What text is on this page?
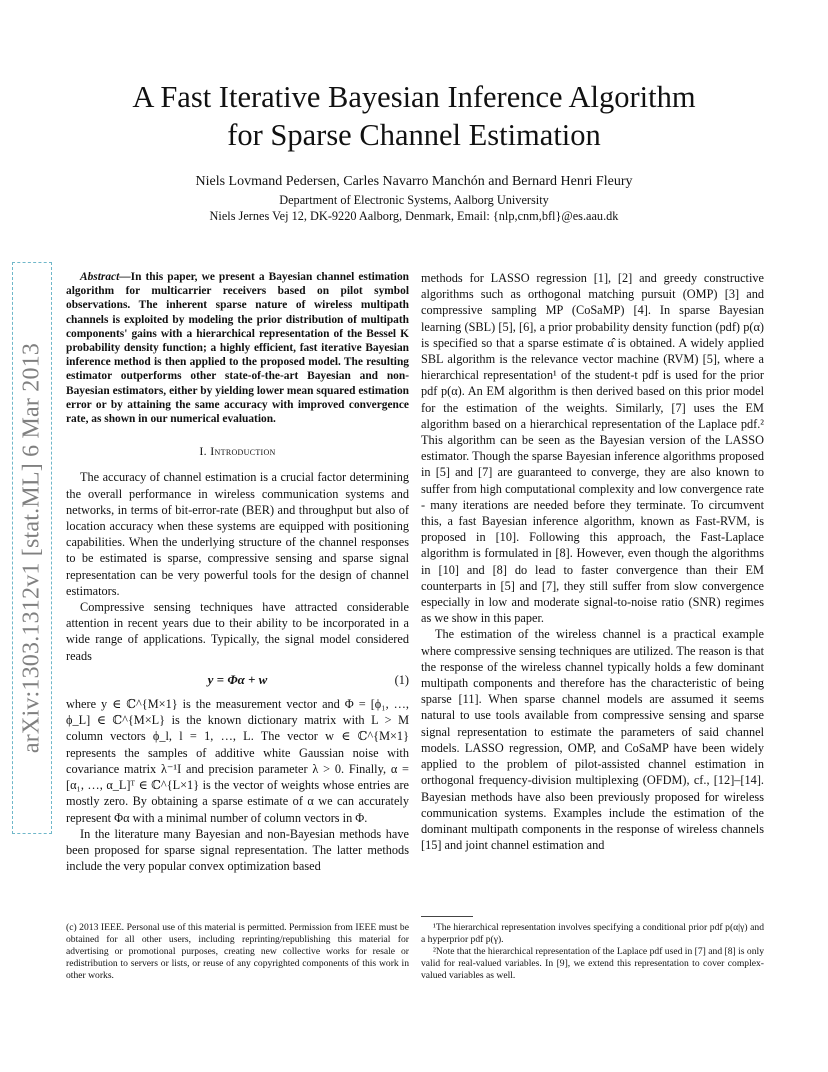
A Fast Iterative Bayesian Inference Algorithm
for Sparse Channel Estimation
Niels Lovmand Pedersen, Carles Navarro Manchón and Bernard Henri Fleury
Department of Electronic Systems, Aalborg University
Niels Jernes Vej 12, DK-9220 Aalborg, Denmark, Email: {nlp,cnm,bfl}@es.aau.dk
arXiv:1303.1312v1 [stat.ML] 6 Mar 2013

Abstract—In this paper, we present a Bayesian channel estimation algorithm for multicarrier receivers based on pilot symbol observations. The inherent sparse nature of wireless multipath channels is exploited by modeling the prior distribution of multipath components' gains with a hierarchical representation of the Bessel K probability density function; a highly efficient, fast iterative Bayesian inference method is then applied to the proposed model. The resulting estimator outperforms other state-of-the-art Bayesian and non-Bayesian estimators, either by yielding lower mean squared estimation error or by attaining the same accuracy with improved convergence rate, as shown in our numerical evaluation.

I. Introduction

The accuracy of channel estimation is a crucial factor determining the overall performance in wireless communication systems and networks, in terms of bit-error-rate (BER) and throughput but also of location accuracy when these systems are equipped with positioning capabilities. When the underlying structure of the channel responses to be estimated is sparse, compressive sensing and sparse signal representation can be very powerful tools for the design of channel estimators.

Compressive sensing techniques have attracted considerable attention in recent years due to their ability to be incorporated in a wide range of applications. Typically, the signal model considered reads

y = Φα + w	(1)

where y ∈ ℂ^{M×1} is the measurement vector and Φ = [ϕ₁, …, ϕ_L] ∈ ℂ^{M×L} is the known dictionary matrix with L > M column vectors ϕ_l, l = 1, …, L. The vector w ∈ ℂ^{M×1} represents the samples of additive white Gaussian noise with covariance matrix λ⁻¹I and precision parameter λ > 0. Finally, α = [α₁, …, α_L]ᵀ ∈ ℂ^{L×1} is the vector of weights whose entries are mostly zero. By obtaining a sparse estimate of α we can accurately represent Φα with a minimal number of column vectors in Φ.

In the literature many Bayesian and non-Bayesian methods have been proposed for sparse signal representation. The latter methods include the very popular convex optimization based

methods for LASSO regression [1], [2] and greedy constructive algorithms such as orthogonal matching pursuit (OMP) [3] and compressive sampling MP (CoSaMP) [4]. In sparse Bayesian learning (SBL) [5], [6], a prior probability density function (pdf) p(α) is specified so that a sparse estimate α̂ is obtained. A widely applied SBL algorithm is the relevance vector machine (RVM) [5], where a hierarchical representation¹ of the student-t pdf is used for the prior pdf p(α). An EM algorithm is then derived based on this prior model for the estimation of the weights. Similarly, [7] uses the EM algorithm based on a hierarchical representation of the Laplace pdf.² This algorithm can be seen as the Bayesian version of the LASSO estimator. Though the sparse Bayesian inference algorithms proposed in [5] and [7] are guaranteed to converge, they are also known to suffer from high computational complexity and low convergence rate - many iterations are needed before they terminate. To circumvent this, a fast Bayesian inference algorithm, known as Fast-RVM, is proposed in [10]. Following this approach, the Fast-Laplace algorithm is formulated in [8]. However, even though the algorithms in [10] and [8] do lead to faster convergence than their EM counterparts in [5] and [7], they still suffer from slow convergence especially in low and moderate signal-to-noise ratio (SNR) regimes as we show in this paper.

The estimation of the wireless channel is a practical example where compressive sensing techniques are utilized. The reason is that the response of the wireless channel typically holds a few dominant multipath components and therefore has the characteristic of being sparse [11]. When sparse channel models are assumed it seems natural to use tools available from compressive sensing and sparse signal representation to estimate the parameters of said channel models. LASSO regression, OMP, and CoSaMP have been widely applied to the problem of pilot-assisted channel estimation in orthogonal frequency-division multiplexing (OFDM), cf., [12]–[14]. Bayesian methods have also been previously proposed for wireless communication systems. Examples include the estimation of the dominant multipath components in the response of wireless channels [15] and joint channel estimation and

(c) 2013 IEEE. Personal use of this material is permitted. Permission from IEEE must be obtained for all other users, including reprinting/republishing this material for advertising or promotional purposes, creating new collective works for resale or redistribution to servers or lists, or reuse of any copyrighted components of this work in other works.

¹The hierarchical representation involves specifying a conditional prior pdf p(α|γ) and a hyperprior pdf p(γ).

²Note that the hierarchical representation of the Laplace pdf used in [7] and [8] is only valid for real-valued variables. In [9], we extend this representation to cover complex-valued variables as well.
